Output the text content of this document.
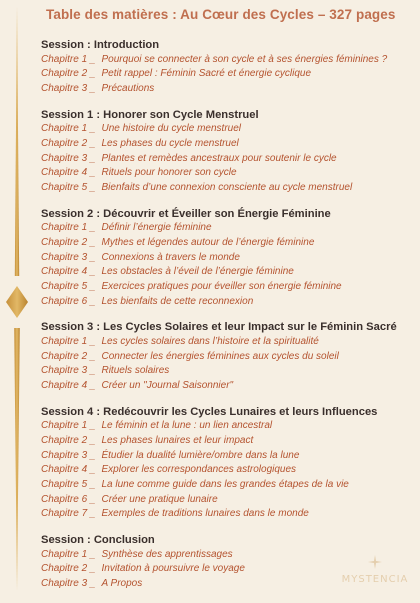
Table des matières : Au Cœur des Cycles – 327 pages
Session : Introduction
Chapitre 1 _ Pourquoi se connecter à son cycle et à ses énergies féminines ?
Chapitre 2 _ Petit rappel : Féminin Sacré et énergie cyclique
Chapitre 3 _ Précautions
Session 1 : Honorer son Cycle Menstruel
Chapitre 1 _ Une histoire du cycle menstruel
Chapitre 2 _ Les phases du cycle menstruel
Chapitre 3 _ Plantes et remèdes ancestraux pour soutenir le cycle
Chapitre 4 _ Rituels pour honorer son cycle
Chapitre 5 _ Bienfaits d’une connexion consciente au cycle menstruel
Session 2 : Découvrir et Éveiller son Énergie Féminine
Chapitre 1 _ Définir l’énergie féminine
Chapitre 2 _ Mythes et légendes autour de l’énergie féminine
Chapitre 3 _ Connexions à travers le monde
Chapitre 4 _ Les obstacles à l’éveil de l’énergie féminine
Chapitre 5 _ Exercices pratiques pour éveiller son énergie féminine
Chapitre 6 _ Les bienfaits de cette reconnexion
Session 3 : Les Cycles Solaires et leur Impact sur le Féminin Sacré
Chapitre 1 _ Les cycles solaires dans l’histoire et la spiritualité
Chapitre 2 _ Connecter les énergies féminines aux cycles du soleil
Chapitre 3 _ Rituels solaires
Chapitre 4 _ Créer un "Journal Saisonnier"
Session 4 : Redécouvrir les Cycles Lunaires et leurs Influences
Chapitre 1 _ Le féminin et la lune : un lien ancestral
Chapitre 2 _ Les phases lunaires et leur impact
Chapitre 3 _ Étudier la dualité lumière/ombre dans la lune
Chapitre 4 _ Explorer les correspondances astrologiques
Chapitre 5 _ La lune comme guide dans les grandes étapes de la vie
Chapitre 6 _ Créer une pratique lunaire
Chapitre 7 _ Exemples de traditions lunaires dans le monde
Session : Conclusion
Chapitre 1 _ Synthèse des apprentissages
Chapitre 2 _ Invitation à poursuivre le voyage
Chapitre 3 _ A Propos	MYSTENCIA
